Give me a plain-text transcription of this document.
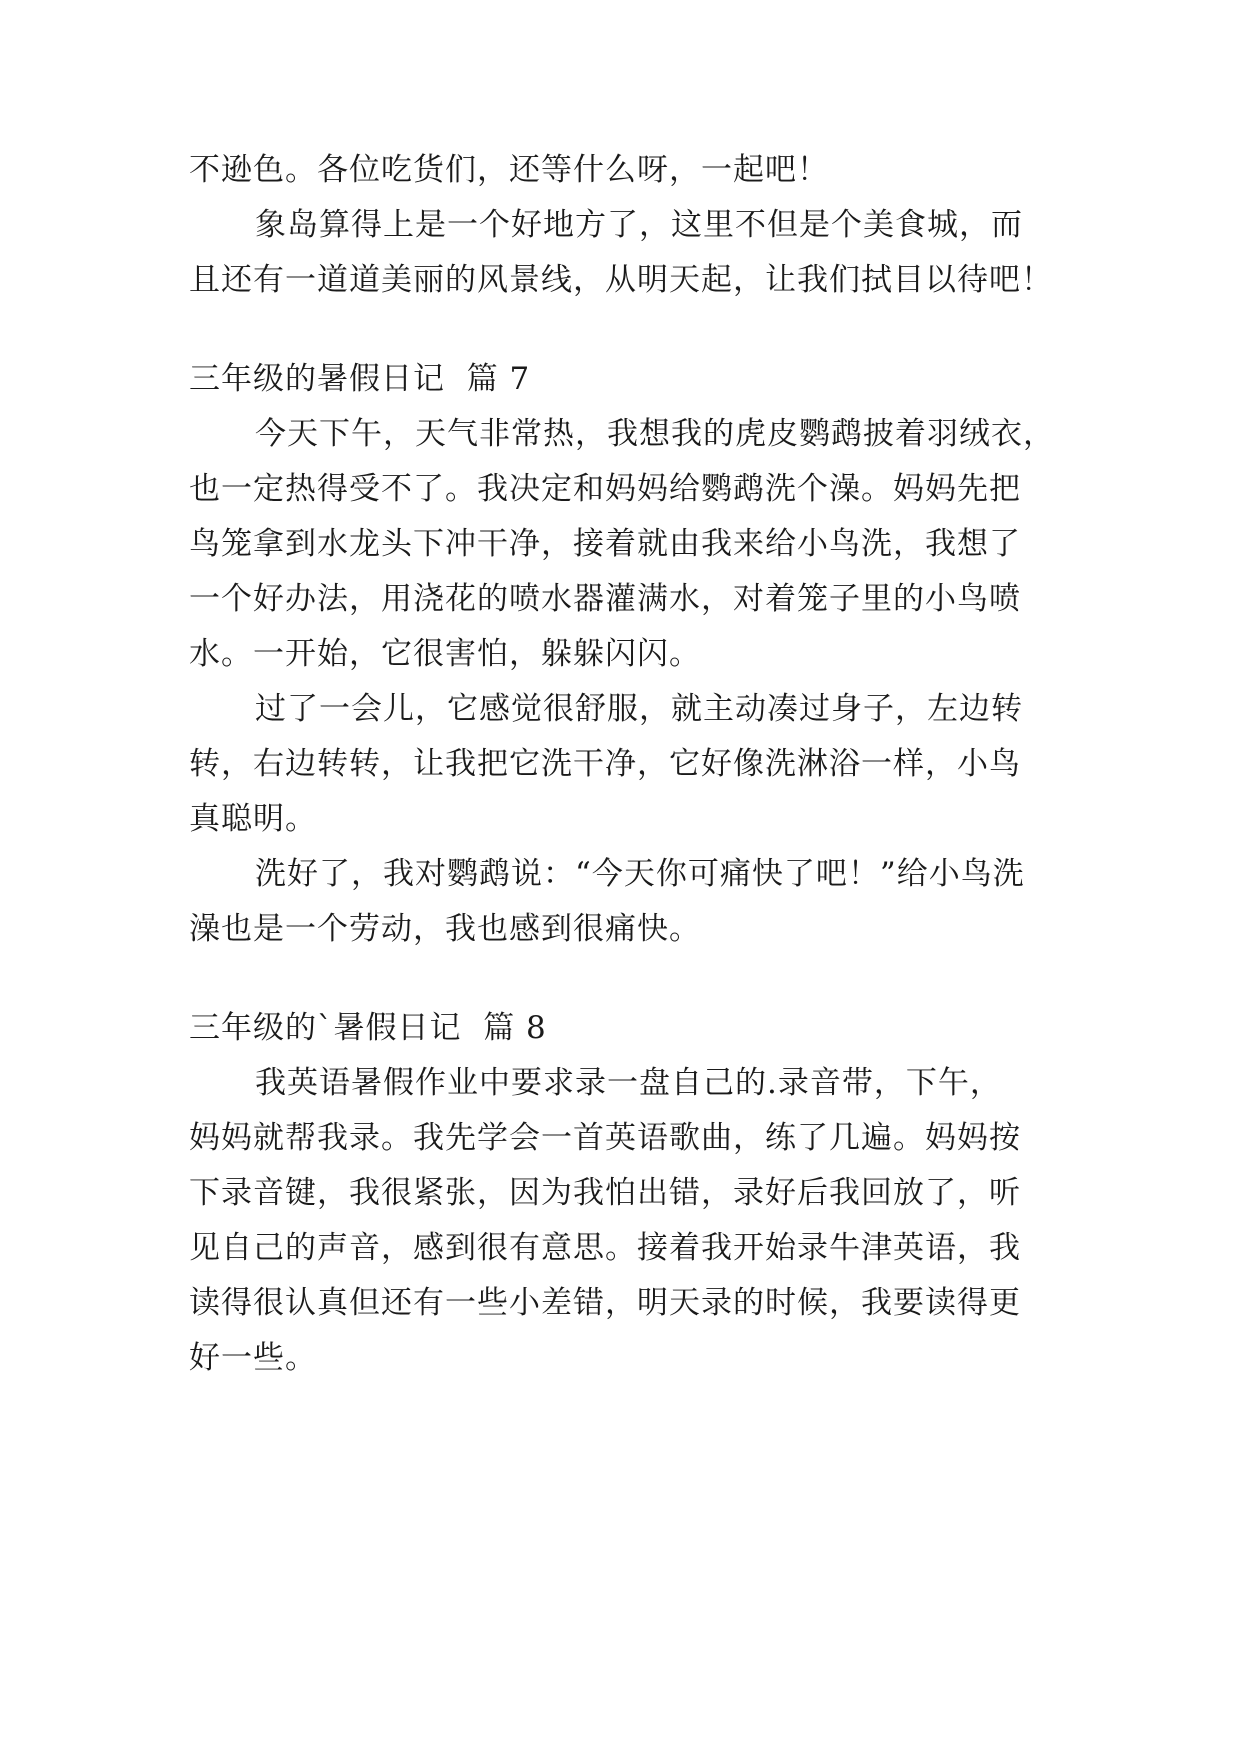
不逊色。各位吃货们，还等什么呀，一起吧！
象岛算得上是一个好地方了，这里不但是个美食城，而
且还有一道道美丽的风景线，从明天起，让我们拭目以待吧！
三年级的暑假日记  篇 7
今天下午，天气非常热，我想我的虎皮鹦鹉披着羽绒衣，
也一定热得受不了。我决定和妈妈给鹦鹉洗个澡。妈妈先把
鸟笼拿到水龙头下冲干净，接着就由我来给小鸟洗，我想了
一个好办法，用浇花的喷水器灌满水，对着笼子里的小鸟喷
水。一开始，它很害怕，躲躲闪闪。
过了一会儿，它感觉很舒服，就主动凑过身子，左边转
转，右边转转，让我把它洗干净，它好像洗淋浴一样，小鸟
真聪明。
洗好了，我对鹦鹉说：“今天你可痛快了吧！”给小鸟洗
澡也是一个劳动，我也感到很痛快。
三年级的`暑假日记  篇 8
我英语暑假作业中要求录一盘自己的.录音带，下午，
妈妈就帮我录。我先学会一首英语歌曲，练了几遍。妈妈按
下录音键，我很紧张，因为我怕出错，录好后我回放了，听
见自己的声音，感到很有意思。接着我开始录牛津英语，我
读得很认真但还有一些小差错，明天录的时候，我要读得更
好一些。
